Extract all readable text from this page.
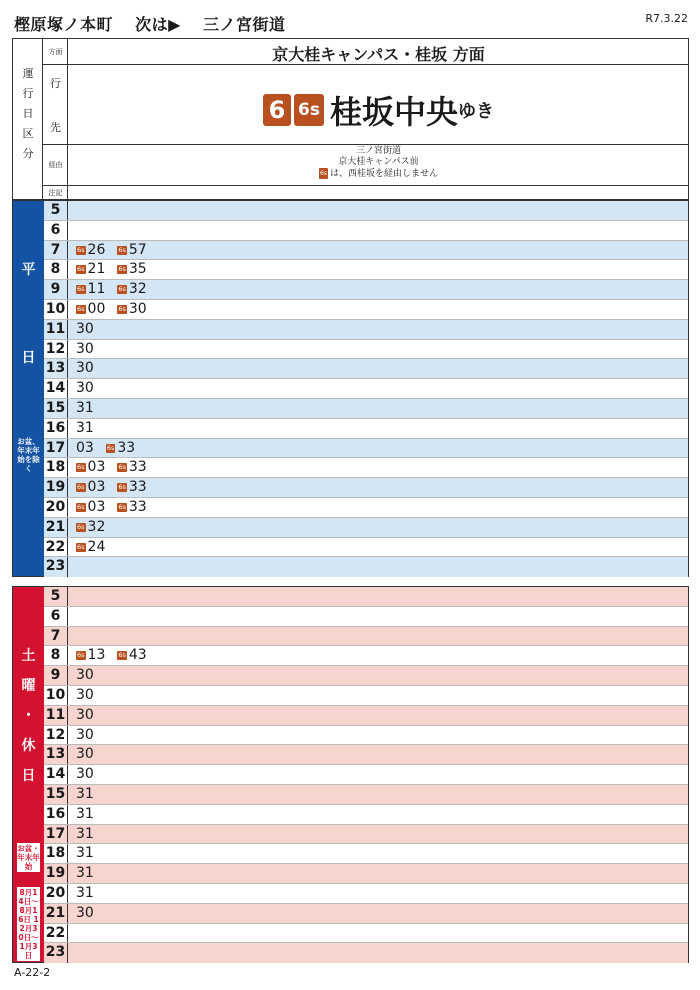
樫原塚ノ本町 次は▶ 三ノ宮街道	R7.3.22
運
行
日
区
分
方面
行
先
経由
注記
京大桂キャンパス・桂坂 方面
6 6s 桂坂中央ゆき
三ノ宮街道
京大桂キャンパス前
6s は、西桂坂を経由しません
平
日
お盆、年末年始を除く
5
6
7	6s 26 6s 57
8	6s 21 6s 35
9	6s 11 6s 32
10	6s 00 6s 30
11 30
12 30
13 30
14 30
15 31
16 31
17 03 6s 33
18	6s 03 6s 33
19	6s 03 6s 33
20	6s 03 6s 33
21	6s 32
22	6s 24
23
土
曜
・
休
日
お盆・年末年始
8月14日〜8月16日 12月30日〜1月3日
5
6
7
8	6s 13 6s 43
9	30
10 30
11 30
12 30
13 30
14 30
15 31
16 31
17 31
18 31
19 31
20 31
21 30
22
23
A-22-2
